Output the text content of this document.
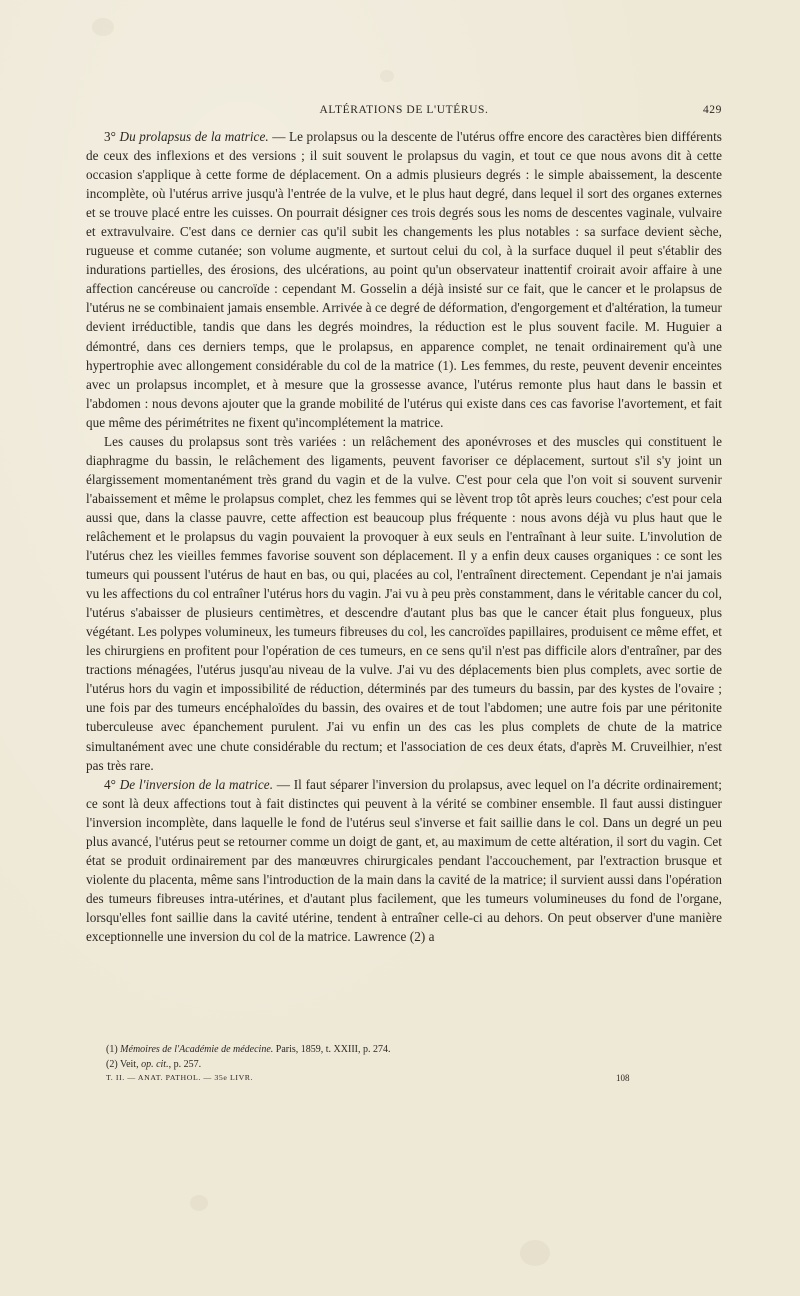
ALTÉRATIONS DE L'UTÉRUS.	429

3° Du prolapsus de la matrice. — Le prolapsus ou la descente de l'utérus offre encore des caractères bien différents de ceux des inflexions et des versions ; il suit souvent le prolapsus du vagin, et tout ce que nous avons dit à cette occasion s'applique à cette forme de déplacement. On a admis plusieurs degrés : le simple abaissement, la descente incomplète, où l'utérus arrive jusqu'à l'entrée de la vulve, et le plus haut degré, dans lequel il sort des organes externes et se trouve placé entre les cuisses. On pourrait désigner ces trois degrés sous les noms de descentes vaginale, vulvaire et extravulvaire. C'est dans ce dernier cas qu'il subit les changements les plus notables : sa surface devient sèche, rugueuse et comme cutanée; son volume augmente, et surtout celui du col, à la surface duquel il peut s'établir des indurations partielles, des érosions, des ulcérations, au point qu'un observateur inattentif croirait avoir affaire à une affection cancéreuse ou cancroïde : cependant M. Gosselin a déjà insisté sur ce fait, que le cancer et le prolapsus de l'utérus ne se combinaient jamais ensemble. Arrivée à ce degré de déformation, d'engorgement et d'altération, la tumeur devient irréductible, tandis que dans les degrés moindres, la réduction est le plus souvent facile. M. Huguier a démontré, dans ces derniers temps, que le prolapsus, en apparence complet, ne tenait ordinairement qu'à une hypertrophie avec allongement considérable du col de la matrice (1). Les femmes, du reste, peuvent devenir enceintes avec un prolapsus incomplet, et à mesure que la grossesse avance, l'utérus remonte plus haut dans le bassin et l'abdomen : nous devons ajouter que la grande mobilité de l'utérus qui existe dans ces cas favorise l'avortement, et fait que même des périmétrites ne fixent qu'incomplétement la matrice.

Les causes du prolapsus sont très variées : un relâchement des aponévroses et des muscles qui constituent le diaphragme du bassin, le relâchement des ligaments, peuvent favoriser ce déplacement, surtout s'il s'y joint un élargissement momentanément très grand du vagin et de la vulve. C'est pour cela que l'on voit si souvent survenir l'abaissement et même le prolapsus complet, chez les femmes qui se lèvent trop tôt après leurs couches; c'est pour cela aussi que, dans la classe pauvre, cette affection est beaucoup plus fréquente : nous avons déjà vu plus haut que le relâchement et le prolapsus du vagin pouvaient la provoquer à eux seuls en l'entraînant à leur suite. L'involution de l'utérus chez les vieilles femmes favorise souvent son déplacement. Il y a enfin deux causes organiques : ce sont les tumeurs qui poussent l'utérus de haut en bas, ou qui, placées au col, l'entraînent directement. Cependant je n'ai jamais vu les affections du col entraîner l'utérus hors du vagin. J'ai vu à peu près constamment, dans le véritable cancer du col, l'utérus s'abaisser de plusieurs centimètres, et descendre d'autant plus bas que le cancer était plus fongueux, plus végétant. Les polypes volumineux, les tumeurs fibreuses du col, les cancroïdes papillaires, produisent ce même effet, et les chirurgiens en profitent pour l'opération de ces tumeurs, en ce sens qu'il n'est pas difficile alors d'entraîner, par des tractions ménagées, l'utérus jusqu'au niveau de la vulve. J'ai vu des déplacements bien plus complets, avec sortie de l'utérus hors du vagin et impossibilité de réduction, déterminés par des tumeurs du bassin, par des kystes de l'ovaire ; une fois par des tumeurs encéphaloïdes du bassin, des ovaires et de tout l'abdomen; une autre fois par une péritonite tuberculeuse avec épanchement purulent. J'ai vu enfin un des cas les plus complets de chute de la matrice simultanément avec une chute considérable du rectum; et l'association de ces deux états, d'après M. Cruveilhier, n'est pas très rare.

4° De l'inversion de la matrice. — Il faut séparer l'inversion du prolapsus, avec lequel on l'a décrite ordinairement; ce sont là deux affections tout à fait distinctes qui peuvent à la vérité se combiner ensemble. Il faut aussi distinguer l'inversion incomplète, dans laquelle le fond de l'utérus seul s'inverse et fait saillie dans le col. Dans un degré un peu plus avancé, l'utérus peut se retourner comme un doigt de gant, et, au maximum de cette altération, il sort du vagin. Cet état se produit ordinairement par des manœuvres chirurgicales pendant l'accouchement, par l'extraction brusque et violente du placenta, même sans l'introduction de la main dans la cavité de la matrice; il survient aussi dans l'opération des tumeurs fibreuses intra-utérines, et d'autant plus facilement, que les tumeurs volumineuses du fond de l'organe, lorsqu'elles font saillie dans la cavité utérine, tendent à entraîner celle-ci au dehors. On peut observer d'une manière exceptionnelle une inversion du col de la matrice. Lawrence (2) a

(1) Mémoires de l'Académie de médecine. Paris, 1859, t. XXIII, p. 274.
(2) Veit, op. cit., p. 257.
T. II. — ANAT. PATHOL. — 35e LIVR.	108
